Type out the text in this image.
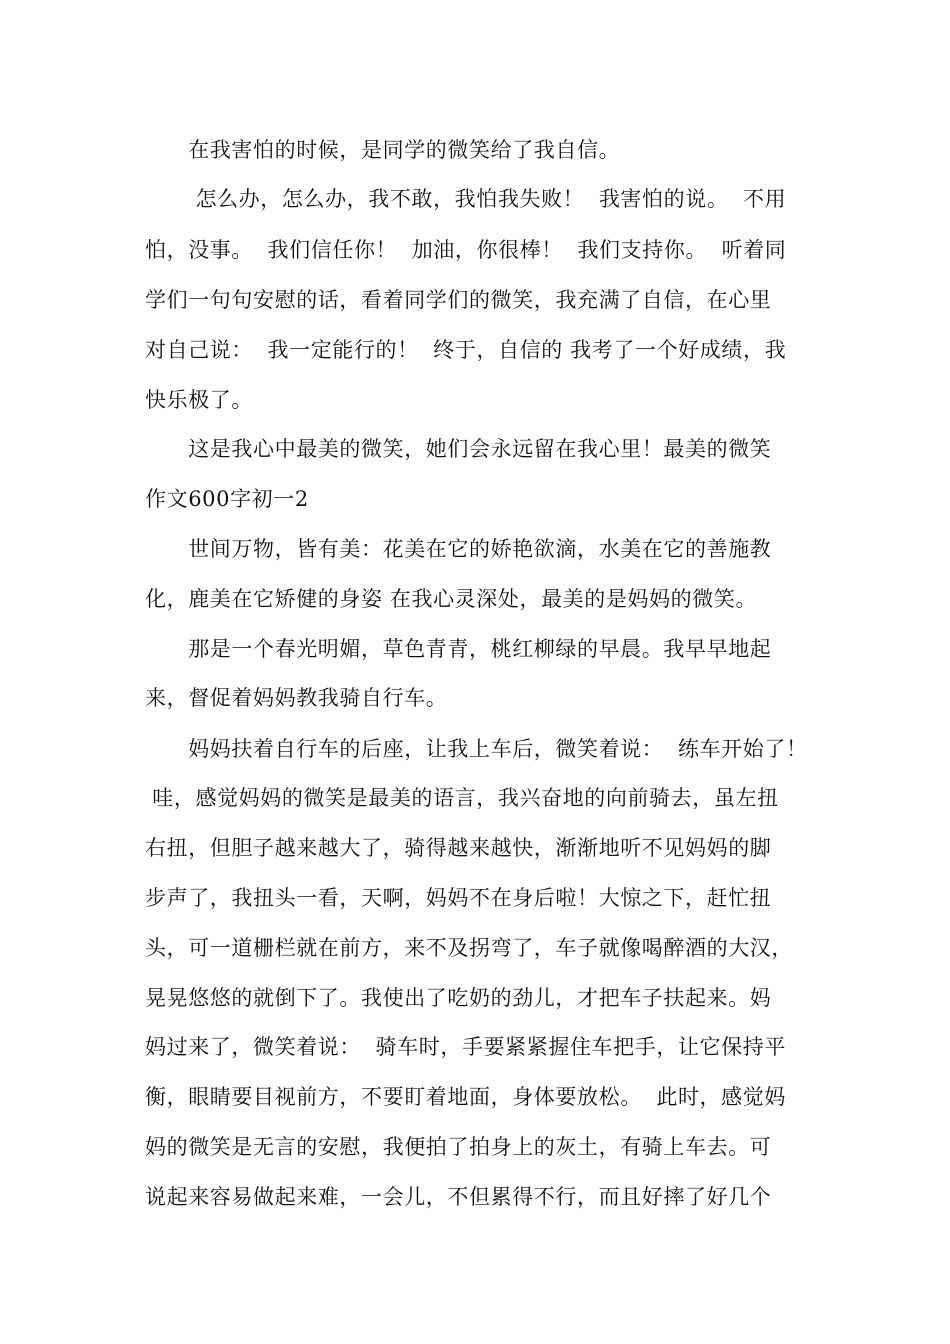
　　在我害怕的时候，是同学的微笑给了我自信。
　　 怎么办，怎么办，我不敢，我怕我失败！  我害怕的说。  不用
怕，没事。  我们信任你！  加油，你很棒！  我们支持你。  听着同
学们一句句安慰的话，看着同学们的微笑，我充满了自信，在心里
对自己说：  我一定能行的！  终于，自信的 我考了一个好成绩，我
快乐极了。
　　这是我心中最美的微笑，她们会永远留在我心里！最美的微笑
作文600字初一2
　　世间万物，皆有美：花美在它的娇艳欲滴，水美在它的善施教
化，鹿美在它矫健的身姿 在我心灵深处，最美的是妈妈的微笑。
　　那是一个春光明媚，草色青青，桃红柳绿的早晨。我早早地起
来，督促着妈妈教我骑自行车。
　　妈妈扶着自行车的后座，让我上车后，微笑着说：  练车开始了！
哇，感觉妈妈的微笑是最美的语言，我兴奋地的向前骑去，虽左扭
右扭，但胆子越来越大了，骑得越来越快，渐渐地听不见妈妈的脚
步声了，我扭头一看，天啊，妈妈不在身后啦！大惊之下，赶忙扭
头，可一道栅栏就在前方，来不及拐弯了，车子就像喝醉酒的大汉，
晃晃悠悠的就倒下了。我使出了吃奶的劲儿，才把车子扶起来。妈
妈过来了，微笑着说：  骑车时，手要紧紧握住车把手，让它保持平
衡，眼睛要目视前方，不要盯着地面，身体要放松。  此时，感觉妈
妈的微笑是无言的安慰，我便拍了拍身上的灰土，有骑上车去。可
说起来容易做起来难，一会儿，不但累得不行，而且好摔了好几个
